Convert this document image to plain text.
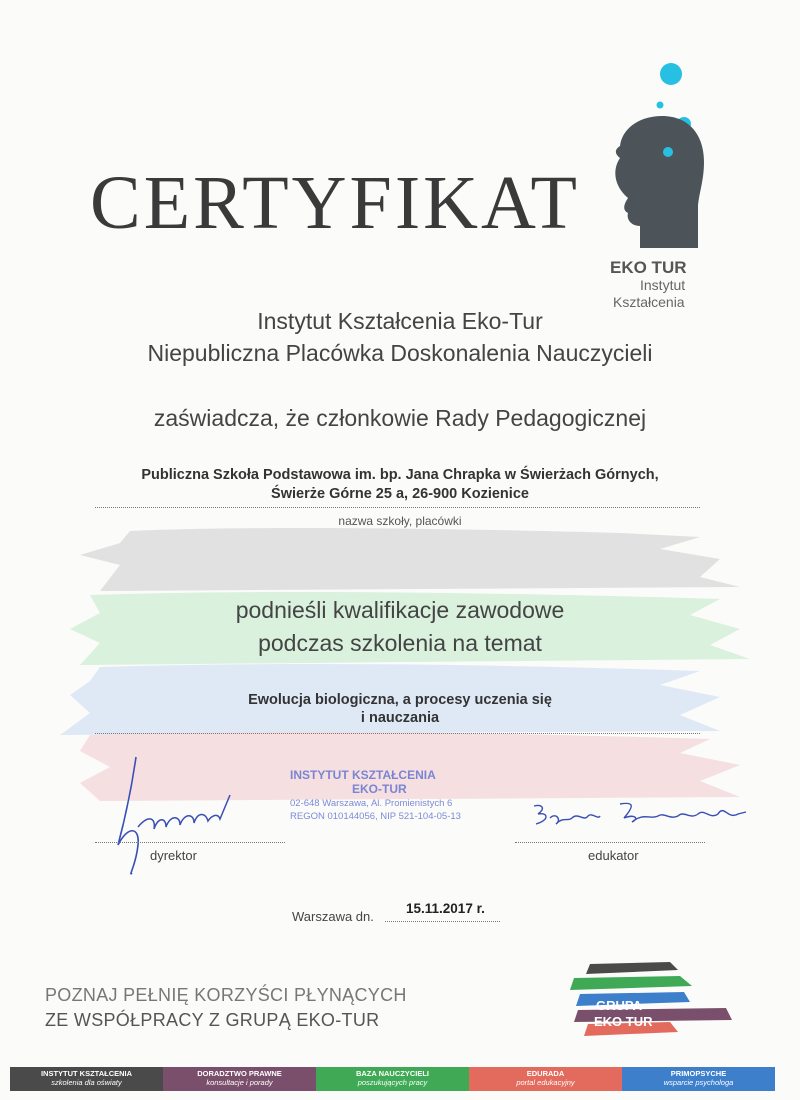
CERTYFIKAT
EKO TUR
Instytut
Kształcenia
Instytut Kształcenia Eko-Tur
Niepubliczna Placówka Doskonalenia Nauczycieli
zaświadcza, że członkowie Rady Pedagogicznej
Publiczna Szkoła Podstawowa im. bp. Jana Chrapka w Świerżach Górnych,
Świerże Górne 25 a, 26-900 Kozienice
nazwa szkoły, placówki
podnieśli kwalifikacje zawodowe
podczas szkolenia na temat
Ewolucja biologiczna, a procesy uczenia się
i nauczania
INSTYTUT KSZTAŁCENIA
EKO-TUR
02-648 Warszawa, Al. Promienistych 6
REGON 010144056, NIP 521-104-05-13
dyrektor	edukator
Warszawa dn.
15.11.2017 r.
POZNAJ PEŁNIĘ KORZYŚCI PŁYNĄCYCH
ZE WSPÓŁPRACY Z GRUPĄ EKO-TUR
GRUPA
EKO TUR
INSTYTUT KSZTAŁCENIA
szkolenia dla oświaty
DORADZTWO PRAWNE
konsultacje i porady
BAZA NAUCZYCIELI
poszukujących pracy
EDURADA
portal edukacyjny
PRIMOPSYCHE
wsparcie psychologa
